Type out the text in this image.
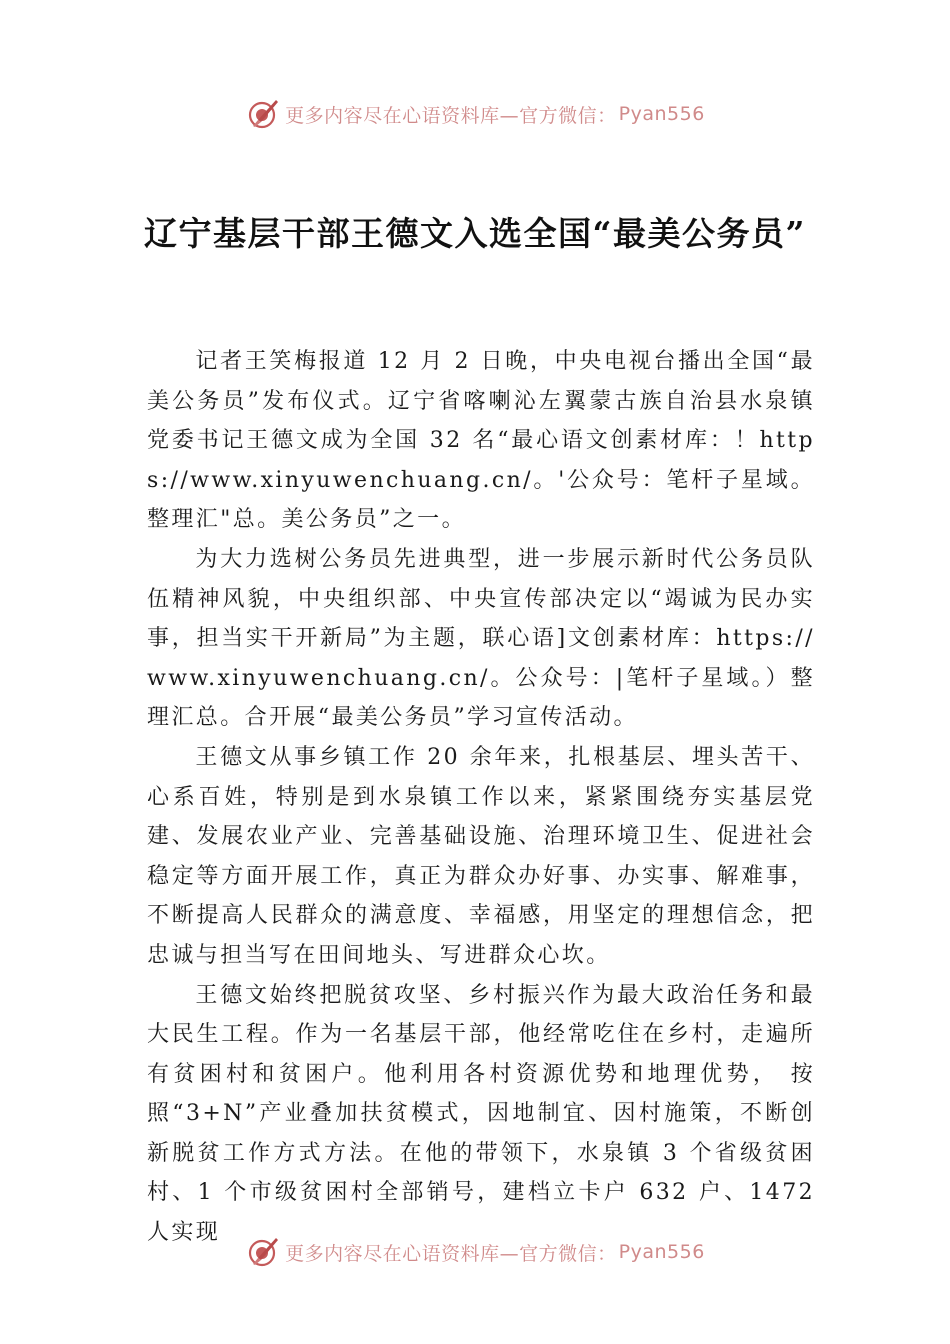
更多内容尽在心语资料库—官方微信： Pyan556
辽宁基层干部王德文入选全国“最美公务员”

记者王笑梅报道 12 月 2 日晚，中央电视台播出全国“最美公务员”发布仪式。辽宁省喀喇沁左翼蒙古族自治县水泉镇党委书记王德文成为全国 32 名“最心语文创素材库：！https://www.xinyuwenchuang.cn/。'公众号：笔杆子星域。整理汇"总。美公务员”之一。

为大力选树公务员先进典型，进一步展示新时代公务员队伍精神风貌，中央组织部、中央宣传部决定以“竭诚为民办实事，担当实干开新局”为主题，联心语]文创素材库：https://www.xinyuwenchuang.cn/。公众号：|笔杆子星域。）整理汇总。合开展“最美公务员”学习宣传活动。

王德文从事乡镇工作 20 余年来，扎根基层、埋头苦干、心系百姓，特别是到水泉镇工作以来，紧紧围绕夯实基层党建、发展农业产业、完善基础设施、治理环境卫生、促进社会稳定等方面开展工作，真正为群众办好事、办实事、解难事，不断提高人民群众的满意度、幸福感，用坚定的理想信念，把忠诚与担当写在田间地头、写进群众心坎。

王德文始终把脱贫攻坚、乡村振兴作为最大政治任务和最大民生工程。作为一名基层干部，他经常吃住在乡村，走遍所有贫困村和贫困户。他利用各村资源优势和地理优势， 按照“3+N”产业叠加扶贫模式，因地制宜、因村施策，不断创新脱贫工作方式方法。在他的带领下，水泉镇 3 个省级贫困村、1 个市级贫困村全部销号，建档立卡户 632 户、1472 人实现

更多内容尽在心语资料库—官方微信： Pyan556
